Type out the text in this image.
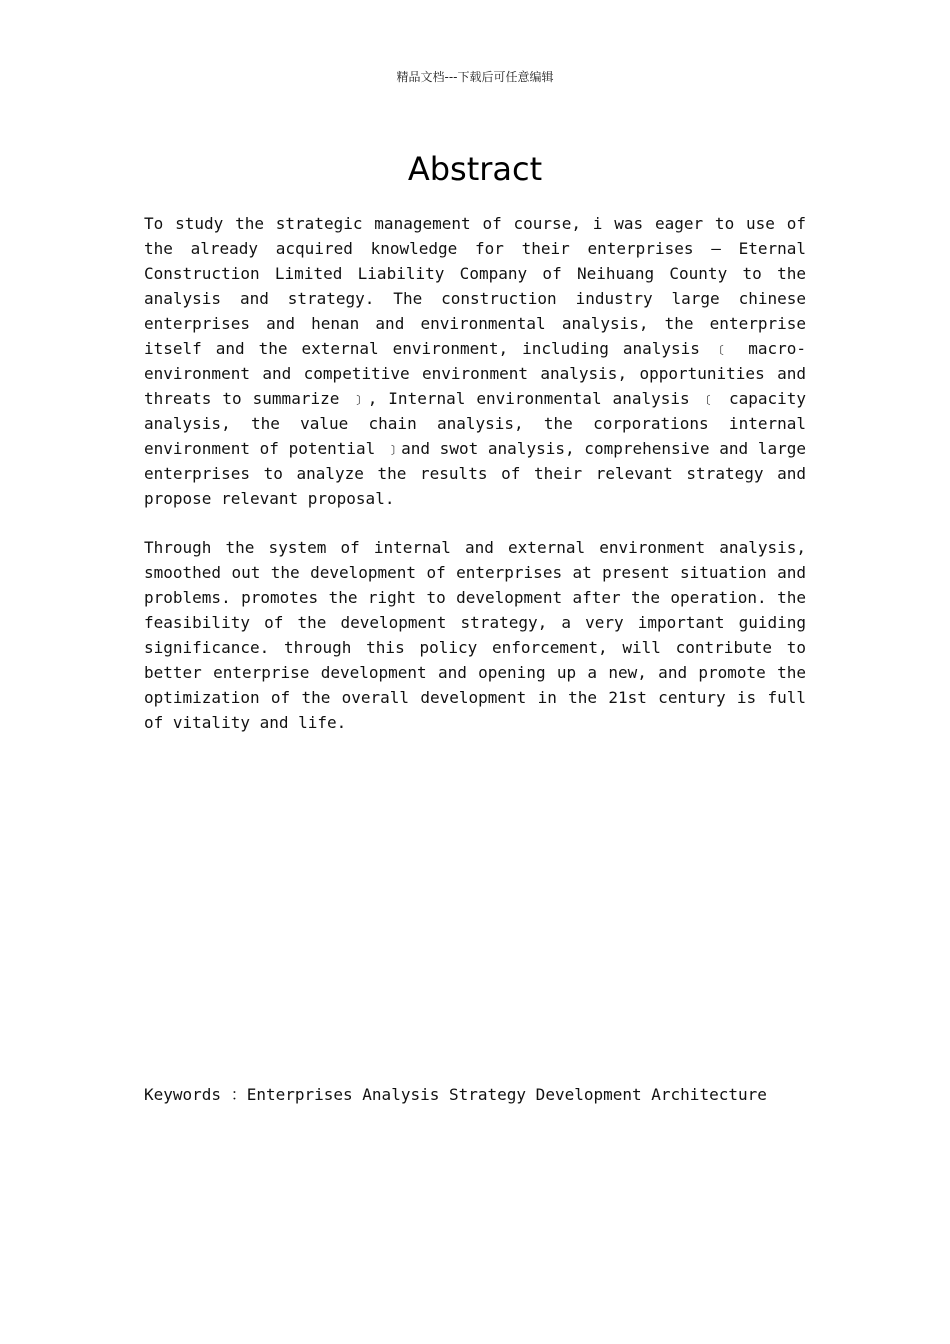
精品文档---下载后可任意编辑
Abstract

To study the strategic management of course, i was eager to use of the already acquired knowledge for their enterprises — Eternal Construction Limited Liability Company of Neihuang County to the analysis and strategy. The construction industry large chinese enterprises and henan and environmental analysis, the enterprise itself and the external environment, including analysis ﹝ macro-environment and competitive environment analysis, opportunities and threats to summarize ﹞, Internal environmental analysis ﹝ capacity analysis, the value chain analysis, the corporations internal environment of potential ﹞and swot analysis, comprehensive and large enterprises to analyze the results of their relevant strategy and propose relevant proposal.

Through the system of internal and external environment analysis, smoothed out the development of enterprises at present situation and problems. promotes the right to development after the operation. the feasibility of the development strategy, a very important guiding significance. through this policy enforcement, will contribute to better enterprise development and opening up a new, and promote the optimization of the overall development in the 21st century is full of vitality and life.

Keywords ：Enterprises Analysis Strategy Development Architecture
